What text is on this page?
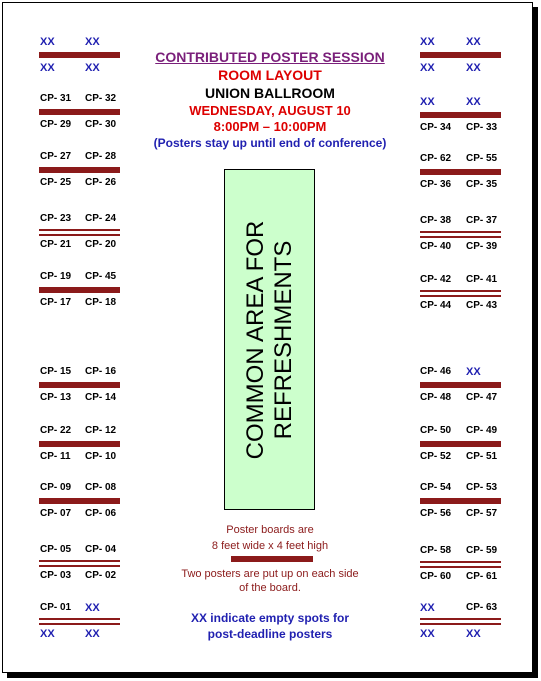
CONTRIBUTED POSTER SESSION
ROOM LAYOUT
UNION BALLROOM
WEDNESDAY, AUGUST 10
8:00PM – 10:00PM
(Posters stay up until end of conference)
COMMON AREA FOR REFRESHMENTS
Poster boards are
8 feet wide x 4 feet high
Two posters are put up on each side
of the board.
XX indicate empty spots for
post-deadline posters
XX	XX
XX	XX
CP- 31 CP- 32
CP- 29 CP- 30
CP- 27 CP- 28
CP- 25 CP- 26
CP- 23 CP- 24
CP- 21 CP- 20
CP- 19 CP- 45
CP- 17 CP- 18
CP- 15 CP- 16
CP- 13 CP- 14
CP- 22 CP- 12
CP- 11 CP- 10
CP- 09 CP- 08
CP- 07 CP- 06
CP- 05 CP- 04
CP- 03 CP- 02
CP- 01 XX
XX	XX
XX	XX
XX	XX
XX	XX
CP- 34 CP- 33
CP- 62 CP- 55
CP- 36 CP- 35
CP- 38 CP- 37
CP- 40 CP- 39
CP- 42 CP- 41
CP- 44 CP- 43
CP- 46 XX
CP- 48 CP- 47
CP- 50 CP- 49
CP- 52 CP- 51
CP- 54 CP- 53
CP- 56 CP- 57
CP- 58 CP- 59
CP- 60 CP- 61
XX	CP- 63
XX	XX
